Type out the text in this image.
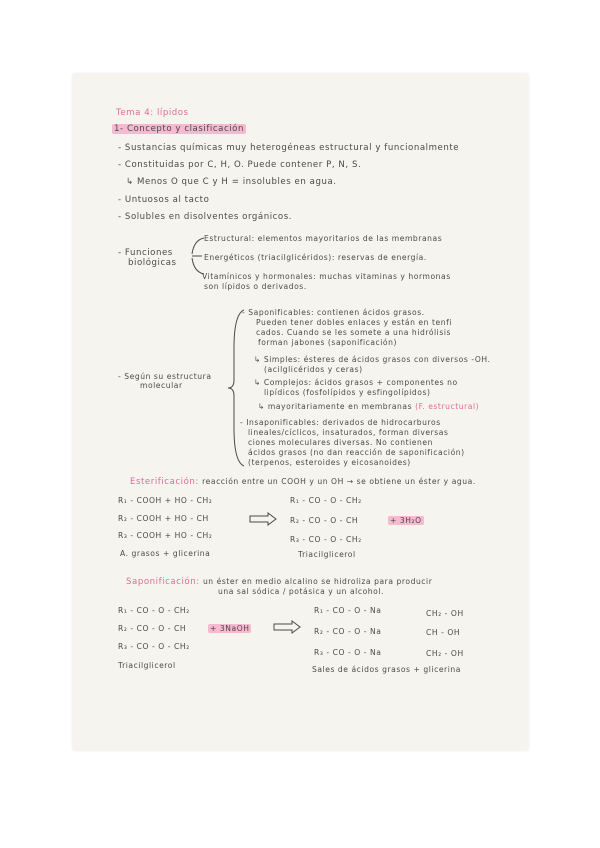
Tema 4: lípidos
1- Concepto y clasificación
- Sustancias químicas muy heterogéneas estructural y funcionalmente
- Constituidas por C, H, O. Puede contener P, N, S.
↳ Menos O que C y H = insolubles en agua.
- Untuosos al tacto
- Solubles en disolventes orgánicos.
- Funciones
biológicas
Estructural: elementos mayoritarios de las membranas
Energéticos (triacilglicéridos): reservas de energía.
Vitamínicos y hormonales: muchas vitaminas y hormonas
son lípidos o derivados.
- Según su estructura
molecular
- Saponificables: contienen ácidos grasos.
Pueden tener dobles enlaces y están en tenfi
cados. Cuando se les somete a una hidrólisis
forman jabones (saponificación)
↳ Simples: ésteres de ácidos grasos con diversos -OH.
(acilglicéridos y ceras)
↳ Complejos: ácidos grasos + componentes no
lipídicos (fosfolípidos y esfingolípidos)
↳ mayoritariamente en membranas (F. estructural)
- Insaponificables: derivados de hidrocarburos
lineales/cíclicos, insaturados, forman diversas
ciones moleculares diversas. No contienen
ácidos grasos (no dan reacción de saponificación)
(terpenos, esteroides y eicosanoides)
Esterificación: reacción entre un COOH y un OH → se obtiene un éster y agua.
R₁ - COOH + HO - CH₂
R₂ - COOH + HO - CH
R₃ - COOH + HO - CH₂
A. grasos + glicerina
R₁ - CO - O - CH₂
R₂ - CO - O - CH
R₃ - CO - O - CH₂
+ 3H₂O
Triacilglicerol
Saponificación: un éster en medio alcalino se hidroliza para producir
una sal sódica / potásica y un alcohol.
R₁ - CO - O - CH₂
R₂ - CO - O - CH
R₃ - CO - O - CH₂
+ 3NaOH
Triacilglicerol
R₁ - CO - O - Na
R₂ - CO - O - Na
R₃ - CO - O - Na
CH₂ - OH
CH - OH
CH₂ - OH
Sales de ácidos grasos + glicerina
